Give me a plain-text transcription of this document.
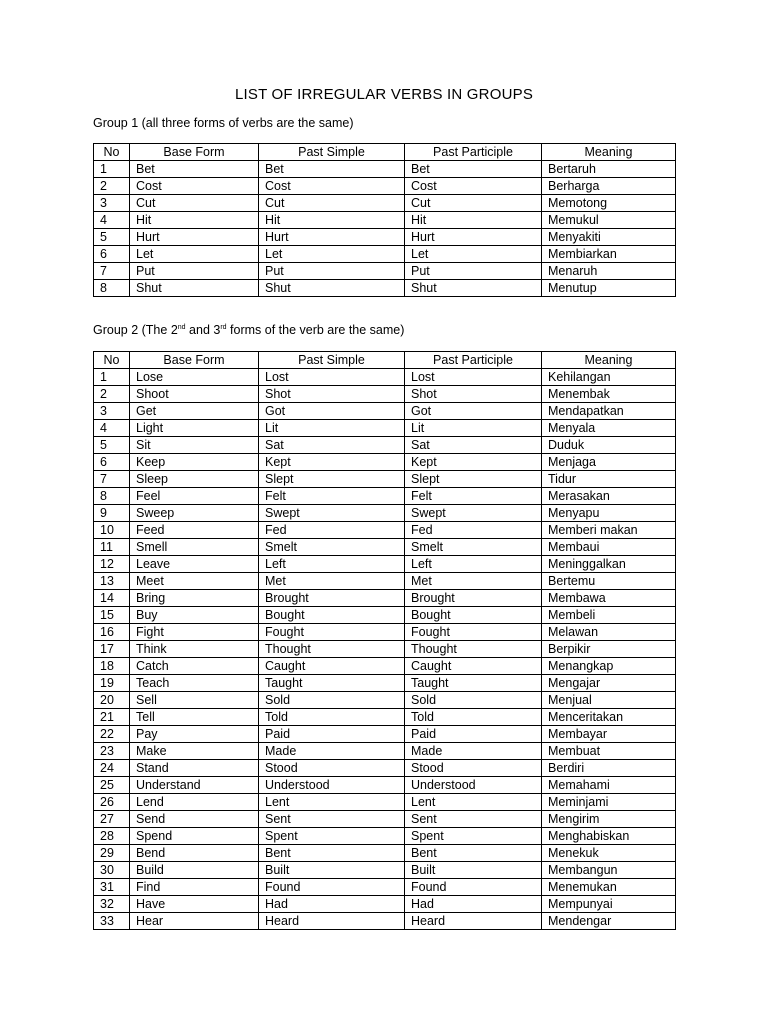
LIST OF IRREGULAR VERBS IN GROUPS
Group 1 (all three forms of verbs are the same)
No	Base Form	Past Simple	Past Participle	Meaning
1	Bet	Bet	Bet	Bertaruh
2	Cost	Cost	Cost	Berharga
3	Cut	Cut	Cut	Memotong
4	Hit	Hit	Hit	Memukul
5	Hurt	Hurt	Hurt	Menyakiti
6	Let	Let	Let	Membiarkan
7	Put	Put	Put	Menaruh
8	Shut	Shut	Shut	Menutup
Group 2 (The 2nd and 3rd forms of the verb are the same)
No	Base Form	Past Simple	Past Participle	Meaning
1	Lose	Lost	Lost	Kehilangan
2	Shoot	Shot	Shot	Menembak
3	Get	Got	Got	Mendapatkan
4	Light	Lit	Lit	Menyala
5	Sit	Sat	Sat	Duduk
6	Keep	Kept	Kept	Menjaga
7	Sleep	Slept	Slept	Tidur
8	Feel	Felt	Felt	Merasakan
9	Sweep	Swept	Swept	Menyapu
10	Feed	Fed	Fed	Memberi makan
11	Smell	Smelt	Smelt	Membaui
12	Leave	Left	Left	Meninggalkan
13	Meet	Met	Met	Bertemu
14	Bring	Brought	Brought	Membawa
15	Buy	Bought	Bought	Membeli
16	Fight	Fought	Fought	Melawan
17	Think	Thought	Thought	Berpikir
18	Catch	Caught	Caught	Menangkap
19	Teach	Taught	Taught	Mengajar
20	Sell	Sold	Sold	Menjual
21	Tell	Told	Told	Menceritakan
22	Pay	Paid	Paid	Membayar
23	Make	Made	Made	Membuat
24	Stand	Stood	Stood	Berdiri
25	Understand	Understood	Understood	Memahami
26	Lend	Lent	Lent	Meminjami
27	Send	Sent	Sent	Mengirim
28	Spend	Spent	Spent	Menghabiskan
29	Bend	Bent	Bent	Menekuk
30	Build	Built	Built	Membangun
31	Find	Found	Found	Menemukan
32	Have	Had	Had	Mempunyai
33	Hear	Heard	Heard	Mendengar
